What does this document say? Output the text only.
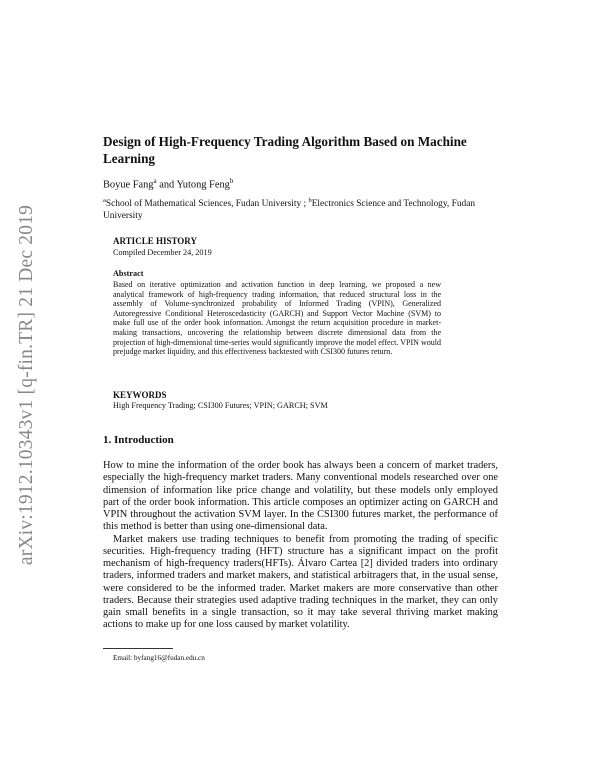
arXiv:1912.10343v1 [q-fin.TR] 21 Dec 2019
Design of High-Frequency Trading Algorithm Based on Machine Learning
Boyue Fang$^a$ and Yutong Feng$^b$
$^a$School of Mathematical Sciences, Fudan University ; $^b$Electronics Science and Technology, Fudan University
ARTICLE HISTORY
Compiled December 24, 2019
Abstract
Based on iterative optimization and activation function in deep learning, we proposed a new analytical framework of high-frequency trading information, that reduced structural loss in the assembly of Volume-synchronized probability of Informed Trading (VPIN), Generalized Autoregressive Conditional Heteroscedasticity (GARCH) and Support Vector Machine (SVM) to make full use of the order book information. Amongst the return acquisition procedure in market-making transactions, uncovering the relationship between discrete dimensional data from the projection of high-dimensional time-series would significantly improve the model effect. VPIN would prejudge market liquidity, and this effectiveness backtested with CSI300 futures return.
KEYWORDS
High Frequency Trading; CSI300 Futures; VPIN; GARCH; SVM
1. Introduction

How to mine the information of the order book has always been a concern of market traders, especially the high-frequency market traders. Many conventional models researched over one dimension of information like price change and volatility, but these models only employed part of the order book information. This article composes an optimizer acting on GARCH and VPIN throughout the activation SVM layer. In the CSI300 futures market, the performance of this method is better than using one-dimensional data.

Market makers use trading techniques to benefit from promoting the trading of specific securities. High-frequency trading (HFT) structure has a significant impact on the profit mechanism of high-frequency traders(HFTs). Álvaro Cartea [2] divided traders into ordinary traders, informed traders and market makers, and statistical arbitragers that, in the usual sense, were considered to be the informed trader. Market makers are more conservative than other traders. Because their strategies used adaptive trading techniques in the market, they can only gain small benefits in a single transaction, so it may take several thriving market making actions to make up for one loss caused by market volatility.

Email: byfang16@fudan.edu.cn
